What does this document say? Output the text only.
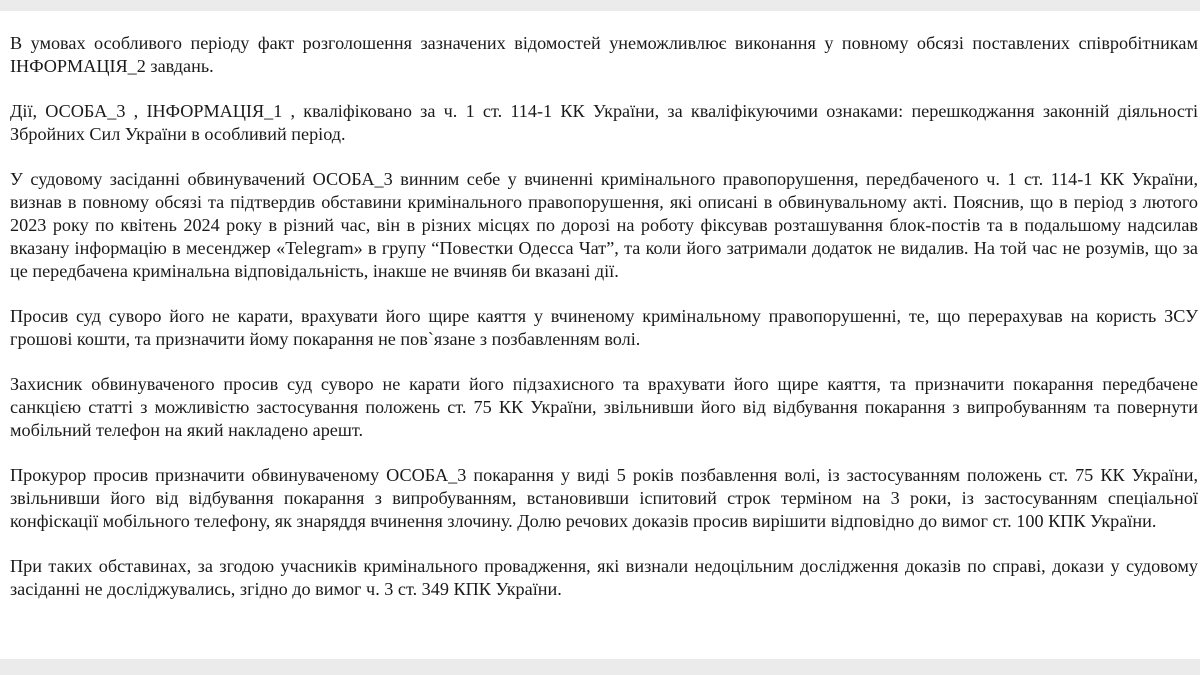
В умовах особливого періоду факт розголошення зазначених відомостей унеможливлює виконання у повному обсязі поставлених співробітникам ІНФОРМАЦІЯ_2 завдань.

Дії, ОСОБА_3 , ІНФОРМАЦІЯ_1 , кваліфіковано за ч. 1 ст. 114-1 КК України, за кваліфікуючими ознаками: перешкоджання законній діяльності Збройних Сил України в особливий період.

У судовому засіданні обвинувачений ОСОБА_3 винним себе у вчиненні кримінального правопорушення, передбаченого ч. 1 ст. 114-1 КК України, визнав в повному обсязі та підтвердив обставини кримінального правопорушення, які описані в обвинувальному акті. Пояснив, що в період з лютого 2023 року по квітень 2024 року в різний час, він в різних місцях по дорозі на роботу фіксував розташування блок-постів та в подальшому надсилав вказану інформацію в месенджер «Telegram» в групу “Повестки Одесса Чат”, та коли його затримали додаток не видалив. На той час не розумів, що за це передбачена кримінальна відповідальність, інакше не вчиняв би вказані дії.

Просив суд суворо його не карати, врахувати його щире каяття у вчиненому кримінальному правопорушенні, те, що перерахував на користь ЗСУ грошові кошти, та призначити йому покарання не пов`язане з позбавленням волі.

Захисник обвинуваченого просив суд суворо не карати його підзахисного та врахувати його щире каяття, та призначити покарання передбачене санкцією статті з можливістю застосування положень ст. 75 КК України, звільнивши його від відбування покарання з випробуванням та повернути мобільний телефон на який накладено арешт.

Прокурор просив призначити обвинуваченому ОСОБА_3 покарання у виді 5 років позбавлення волі, із застосуванням положень ст. 75 КК України, звільнивши його від відбування покарання з випробуванням, встановивши іспитовий строк терміном на 3 роки, із застосуванням спеціальної конфіскації мобільного телефону, як знаряддя вчинення злочину. Долю речових доказів просив вирішити відповідно до вимог ст. 100 КПК України.

При таких обставинах, за згодою учасників кримінального провадження, які визнали недоцільним дослідження доказів по справі, докази у судовому засіданні не досліджувались, згідно до вимог ч. 3 ст. 349 КПК України.
